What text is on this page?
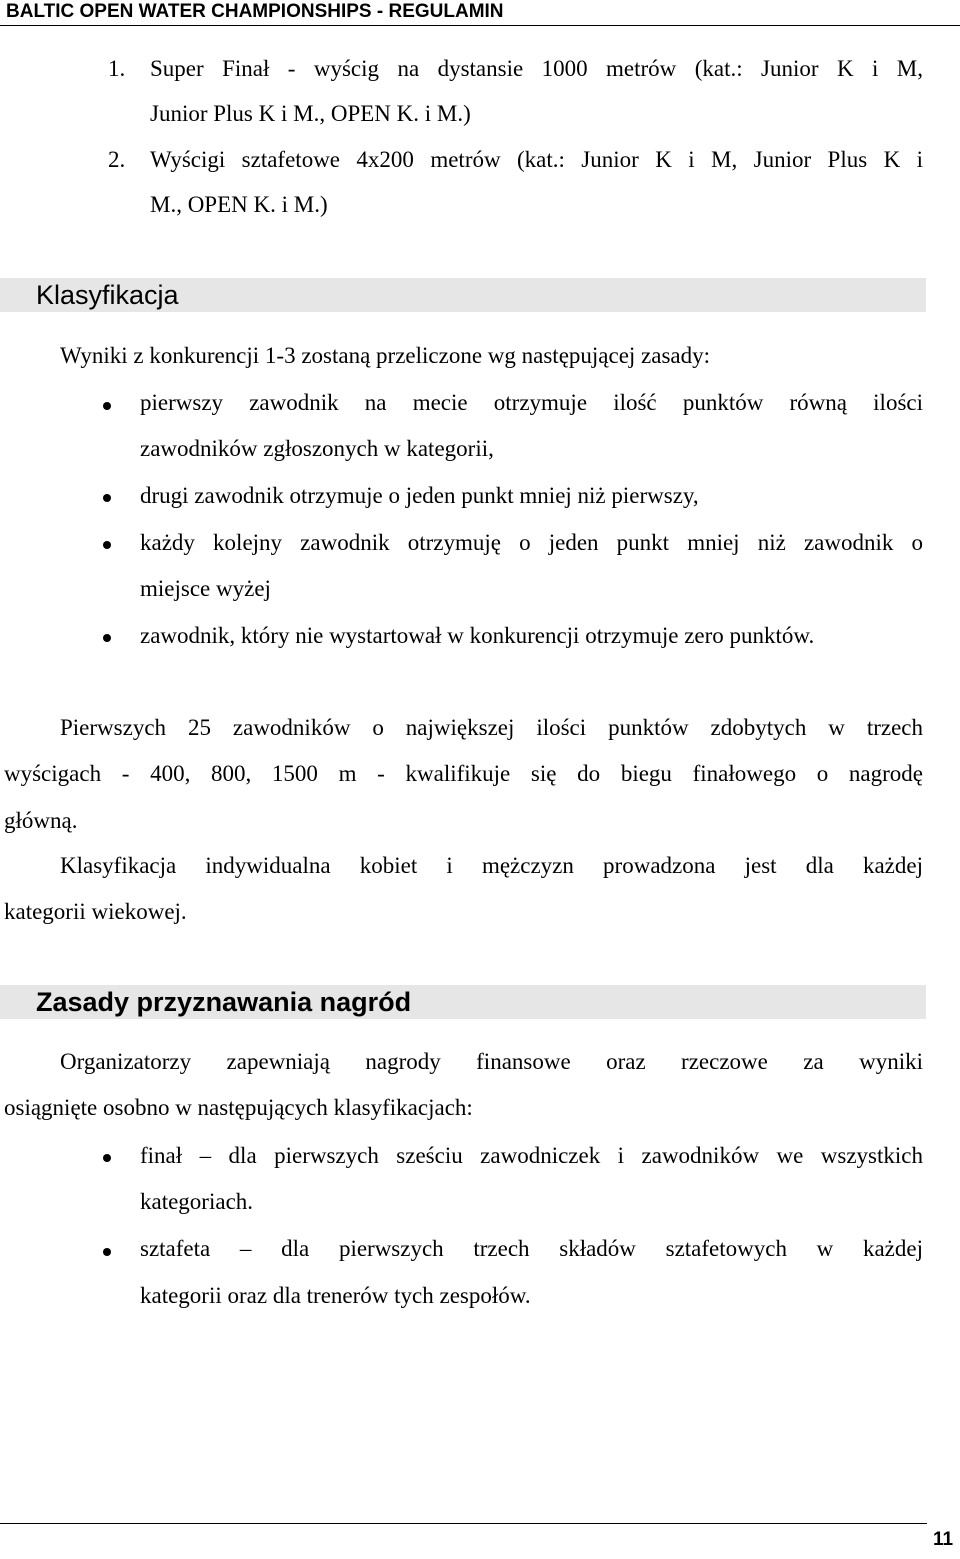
BALTIC OPEN WATER CHAMPIONSHIPS - REGULAMIN
1. Super Finał - wyścig na dystansie 1000 metrów (kat.: Junior K i M,
Junior Plus K i M., OPEN K. i M.)
2. Wyścigi sztafetowe 4x200 metrów (kat.: Junior K i M, Junior Plus K i
M., OPEN K. i M.)
Klasyfikacja
Wyniki z konkurencji 1-3 zostaną przeliczone wg następującej zasady:
pierwszy zawodnik na mecie otrzymuje ilość punktów równą ilości
zawodników zgłoszonych w kategorii,
drugi zawodnik otrzymuje o jeden punkt mniej niż pierwszy,
każdy kolejny zawodnik otrzymuję o jeden punkt mniej niż zawodnik o
miejsce wyżej
zawodnik, który nie wystartował w konkurencji otrzymuje zero punktów.
Pierwszych 25 zawodników o największej ilości punktów zdobytych w trzech
wyścigach - 400, 800, 1500 m - kwalifikuje się do biegu finałowego o nagrodę
główną.
Klasyfikacja indywidualna kobiet i mężczyzn prowadzona jest dla każdej
kategorii wiekowej.
Zasady przyznawania nagród
Organizatorzy zapewniają nagrody finansowe oraz rzeczowe za wyniki
osiągnięte osobno w następujących klasyfikacjach:
finał – dla pierwszych sześciu zawodniczek i zawodników we wszystkich
kategoriach.
sztafeta – dla pierwszych trzech składów sztafetowych w każdej
kategorii oraz dla trenerów tych zespołów.
11
